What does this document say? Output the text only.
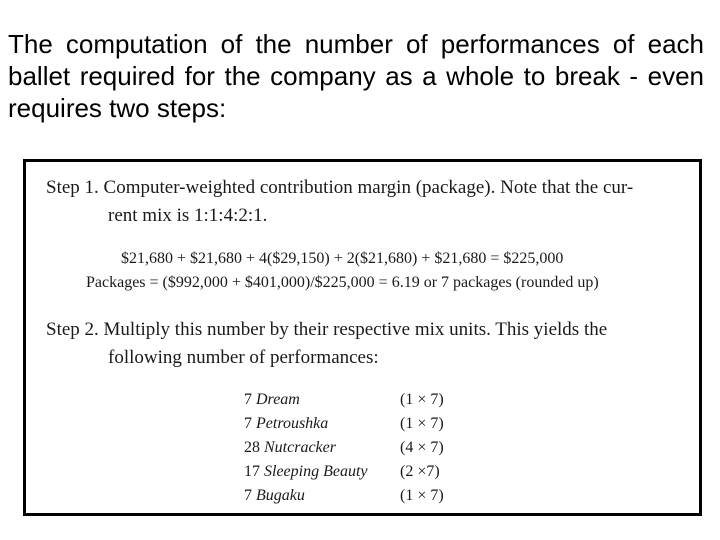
The computation of the number of performances of each ballet required for the company as a whole to break - even requires two steps:
Step 1. Computer-weighted contribution margin (package). Note that the cur-
rent mix is 1:1:4:2:1.
$21,680 + $21,680 + 4($29,150) + 2($21,680) + $21,680 = $225,000
Packages = ($992,000 + $401,000)/$225,000 = 6.19 or 7 packages (rounded up)
Step 2. Multiply this number by their respective mix units. This yields the
following number of performances:
7 Dream	(1 × 7)
7 Petroushka	(1 × 7)
28 Nutcracker	(4 × 7)
17 Sleeping Beauty	(2 ×7)
7 Bugaku	(1 × 7)
